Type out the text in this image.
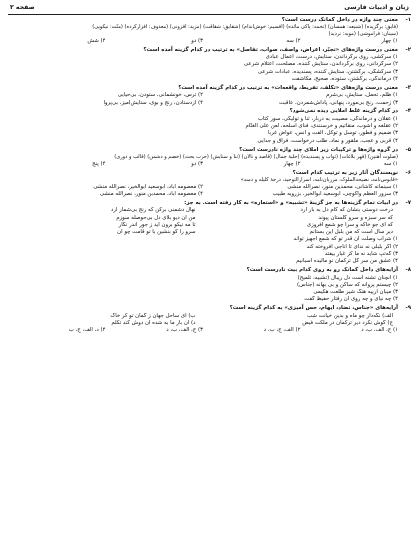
زبان و ادبیات فارسی
صفحه ۲
۱-
معنی چند واژه در داخل کمانک درست است؟
(فایق: برگزیده) (شنیعه: همسان) (تخمه: پاکی مائده) (افسیم: خوش‌اندام) (شقایق: شقاقت) (مزید: افزونی) (معذوف: افزارکرده) (منّت: نیکویی)
(سینان: فراموشی) (مویه: تردید)
۱) چهار
۲) سه
۳) دو
۴) شش
۲-
معنی درست واژه‌های «تجبّر، اعراض، واصف، صواب، تفاصل» به ترتیب در کدام گزینه آمده است؟
۱) سرکشی، روی برگرداندن، ستایش، درست، اعمال عبادی
۲) سرگردانی، روی برگرداندن، ستایش کننده، مصلحت، اعتلام شرعی
۳) سرکشگی، برگشتن، ستایش کننده، پسندیده، عبادات شرعی
۴) درماندگی، برگشتن، ستوده، صحیح، مکاشفت
۳-
معنی درست واژه‌های «تکلف، تفریط، واقعه‌ات» به ترتیب در کدام گزینه آمده است؟
۱) ظلم، تحمل، ستایش، بی‌شرم
۲) ترس، خونشمانی، ستودن، بی‌حیایی
۳) زحمت، رنج بی‌مورد، پنهانی، پاداش‌شمردن، عاقبت
۴) ازدستادن، رنج و بوی، ستایش‌آمیز، بی‌پروا
۴-
در کدام گزینه غلط املایی دیده نمی‌شود؟
۱) عقلان و درماندگی، مصیبت به دربار، ثنا و تولیگی، سور کتاب
۲) عقلغه و آشوب، منقاتیم و خرسنندی، فنای اسلحه، لعن علی الغنّام
۳) ضمیم و فطور، توسل و توکل، الفت و آنس، عواض غربا
۴) قربی و عجب، ملقور و نماد، طلب درخواست، فراق و جدایی
۵-
در گروه واژه‌ها و ترکیبات زیر املای چند واژه نادرست است؟
(صلوت آهنین) (قهر بلاغات) (ثواب و پسندیده) (حلیهٔ جمال) (قاصد و نالان) (ثنا و ستایش) (حرب بحث) (خصم و دشمن) (قالب و دوری)
۱) سه
۲) چهار
۳) دو
۴) پنج
۶-
نویسندگان آثار زیر به ترتیب کدام است؟
«قابوس‌نامه، نصیحه‌الملوک، مرزبان‌نامه، اسرارالتوحید، درجهٔ کلیله و دمنه»
۱) سینمانه کاشانی، محمدین منور، نصرالله منشی
۲) معصومه آباد، ابوسعید ابوالخیر، نصرالله منشی
۳) سرور العظم واکوچی، ابوسعید ابوالخیر، بزرویه طبیب
۴) معصومه آباد، محمدبن منور، نصرالله منشی
۷-
در ابیات تمام گزینه‌ها به جز گزینهٔ «تشبیه» و «استعاره» به کار رفته است. به جز:
درخت دوستی بنشان که کام دل به بار آرد
نهال دشمنی برکن که رنج بی‌شمار آرد
که سر سبزه و سرو گلستان پیوند
من آن دیو بلای دل بی‌حوصله سوزم
که ای جو خاکه و سرا چو شمع افروزی
تا مه نیکو برون آید ز جور اندر نگار
دیر سال است که من بلبل این بستانم
سرو را گو بنشین با تو قامت چو آن
۱) شراب وصلت آن قدر تو که شمع اجهیز تواند
۲) اگر بلبلی نه ندای تا اناجی افروخته کند
۳) گه‌تپ شاید نه ما کز غبار بیفتد
۴) عشق من سر گل ترکمان نو مالیده اسبانیم
۸-
آرایه‌های داخل کمانک رو به روی کدام بیت نادرست است؟
۱) آنچنان تشنه است دل ریبال (تشبیه، تلمیح)
۲) چیستم پروانه که ساکن و بی بهانه (جناس)
۳) میبان آرییه هنگ شیر طلعت هکیمی
۴) چه نیای و چه روی آن رفتار حفیظ گفت
۹-
آرایه‌های «جناس، تضاد، ایهام، حس آمیزی» به کدام گزینه است؟
الف) نگه‌دار چو ماه و بدین خیانت شب
ب) ای ساحل جهان ز گمان تو کر خاک
ج) گوش نکرد دیر ترکمان در ملکت فیض
د) آن بار ما به شده آن دوش کند تکلم
۱) ج، الف، ب، د
۲) الف، ج، ب، د
۳) ج، الف، ب، د
۴) د، الف، ج، ب
